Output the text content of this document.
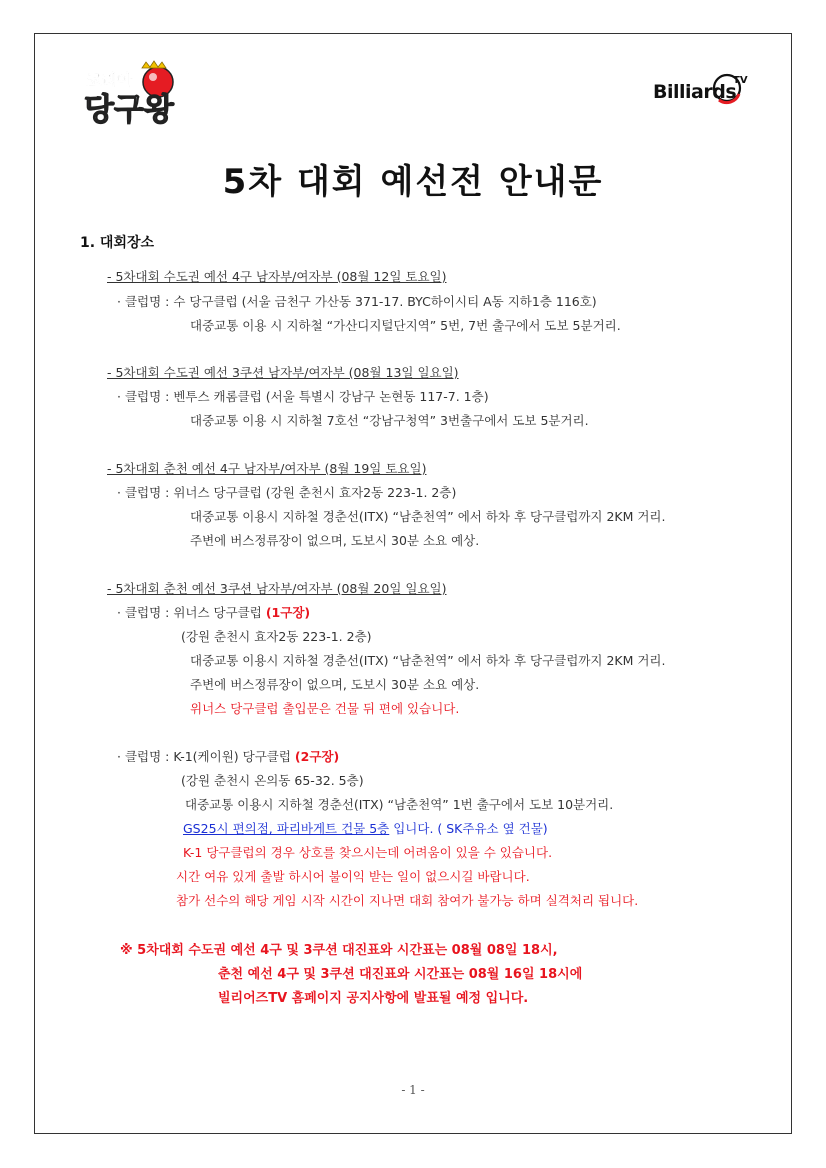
코리아
당구왕	Billiards
TV
5차 대회 예선전 안내문
1. 대회장소
- 5차대회 수도권 예선 4구 남자부/여자부 (08월 12일 토요일)
· 클럽명 : 수 당구클럽 (서울 금천구 가산동 371-17. BYC하이시티 A동 지하1층 116호)
대중교통 이용 시 지하철 “가산디지털단지역” 5번, 7번 출구에서 도보 5분거리.
- 5차대회 수도권 예선 3쿠션 남자부/여자부 (08월 13일 일요일)
· 클럽명 : 벤투스 캐롬클럽 (서울 특별시 강남구 논현동 117-7. 1층)
대중교통 이용 시 지하철 7호선 “강남구청역” 3번출구에서 도보 5분거리.
- 5차대회 춘천 예선 4구 남자부/여자부 (8월 19일 토요일)
· 클럽명 : 위너스 당구클럽 (강원 춘천시 효자2동 223-1. 2층)
대중교통 이용시 지하철 경춘선(ITX) “남춘천역” 에서 하차 후 당구클럽까지 2KM 거리.
주변에 버스정류장이 없으며, 도보시 30분 소요 예상.
- 5차대회 춘천 예선 3쿠션 남자부/여자부 (08월 20일 일요일)
· 클럽명 : 위너스 당구클럽 (1구장)
(강원 춘천시 효자2동 223-1. 2층)
대중교통 이용시 지하철 경춘선(ITX) “남춘천역” 에서 하차 후 당구클럽까지 2KM 거리.
주변에 버스정류장이 없으며, 도보시 30분 소요 예상.
위너스 당구클럽 출입문은 건물 뒤 편에 있습니다.
· 클럽명 : K-1(케이원) 당구클럽 (2구장)
(강원 춘천시 온의동 65-32. 5층)
대중교통 이용시 지하철 경춘선(ITX) “남춘천역” 1번 출구에서 도보 10분거리.
GS25시 편의점, 파리바게트 건물 5층 입니다. ( SK주유소 옆 건물)
K-1 당구클럽의 경우 상호를 찾으시는데 어려움이 있을 수 있습니다.
시간 여유 있게 출발 하시어 불이익 받는 일이 없으시길 바랍니다.
참가 선수의 해당 게임 시작 시간이 지나면 대회 참여가 불가능 하며 실격처리 됩니다.
※ 5차대회 수도권 예선 4구 및 3쿠션 대진표와 시간표는 08월 08일 18시,
춘천 예선 4구 및 3쿠션 대진표와 시간표는 08월 16일 18시에
빌리어즈TV 홈페이지 공지사항에 발표될 예정 입니다.
- 1 -
